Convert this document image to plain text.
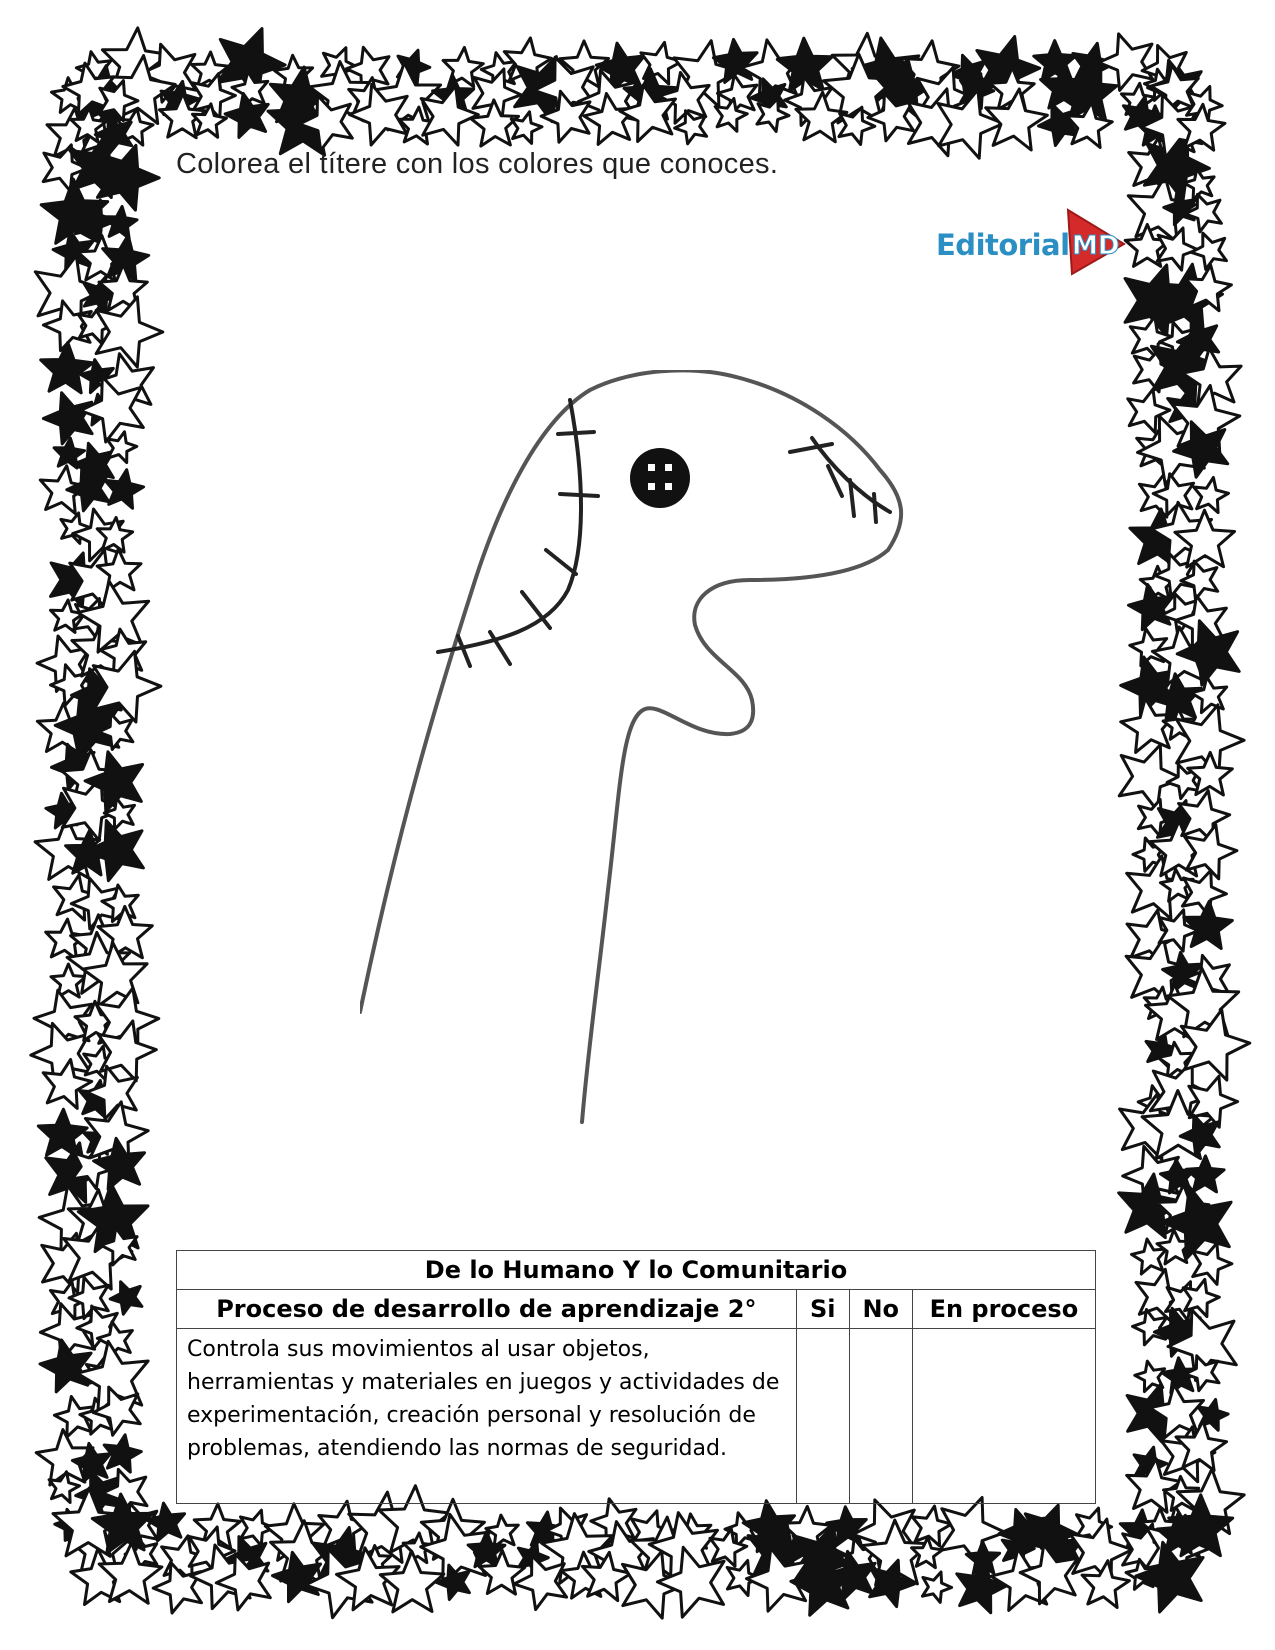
Colorea el títere con los colores que conoces.
Editorial MD
De lo Humano Y lo Comunitario			
Proceso de desarrollo de aprendizaje 2°	Si	No	En proceso
Controla sus movimientos al usar objetos, herramientas y materiales en juegos y actividades de experimentación, creación personal y resolución de problemas, atendiendo las normas de seguridad.			
